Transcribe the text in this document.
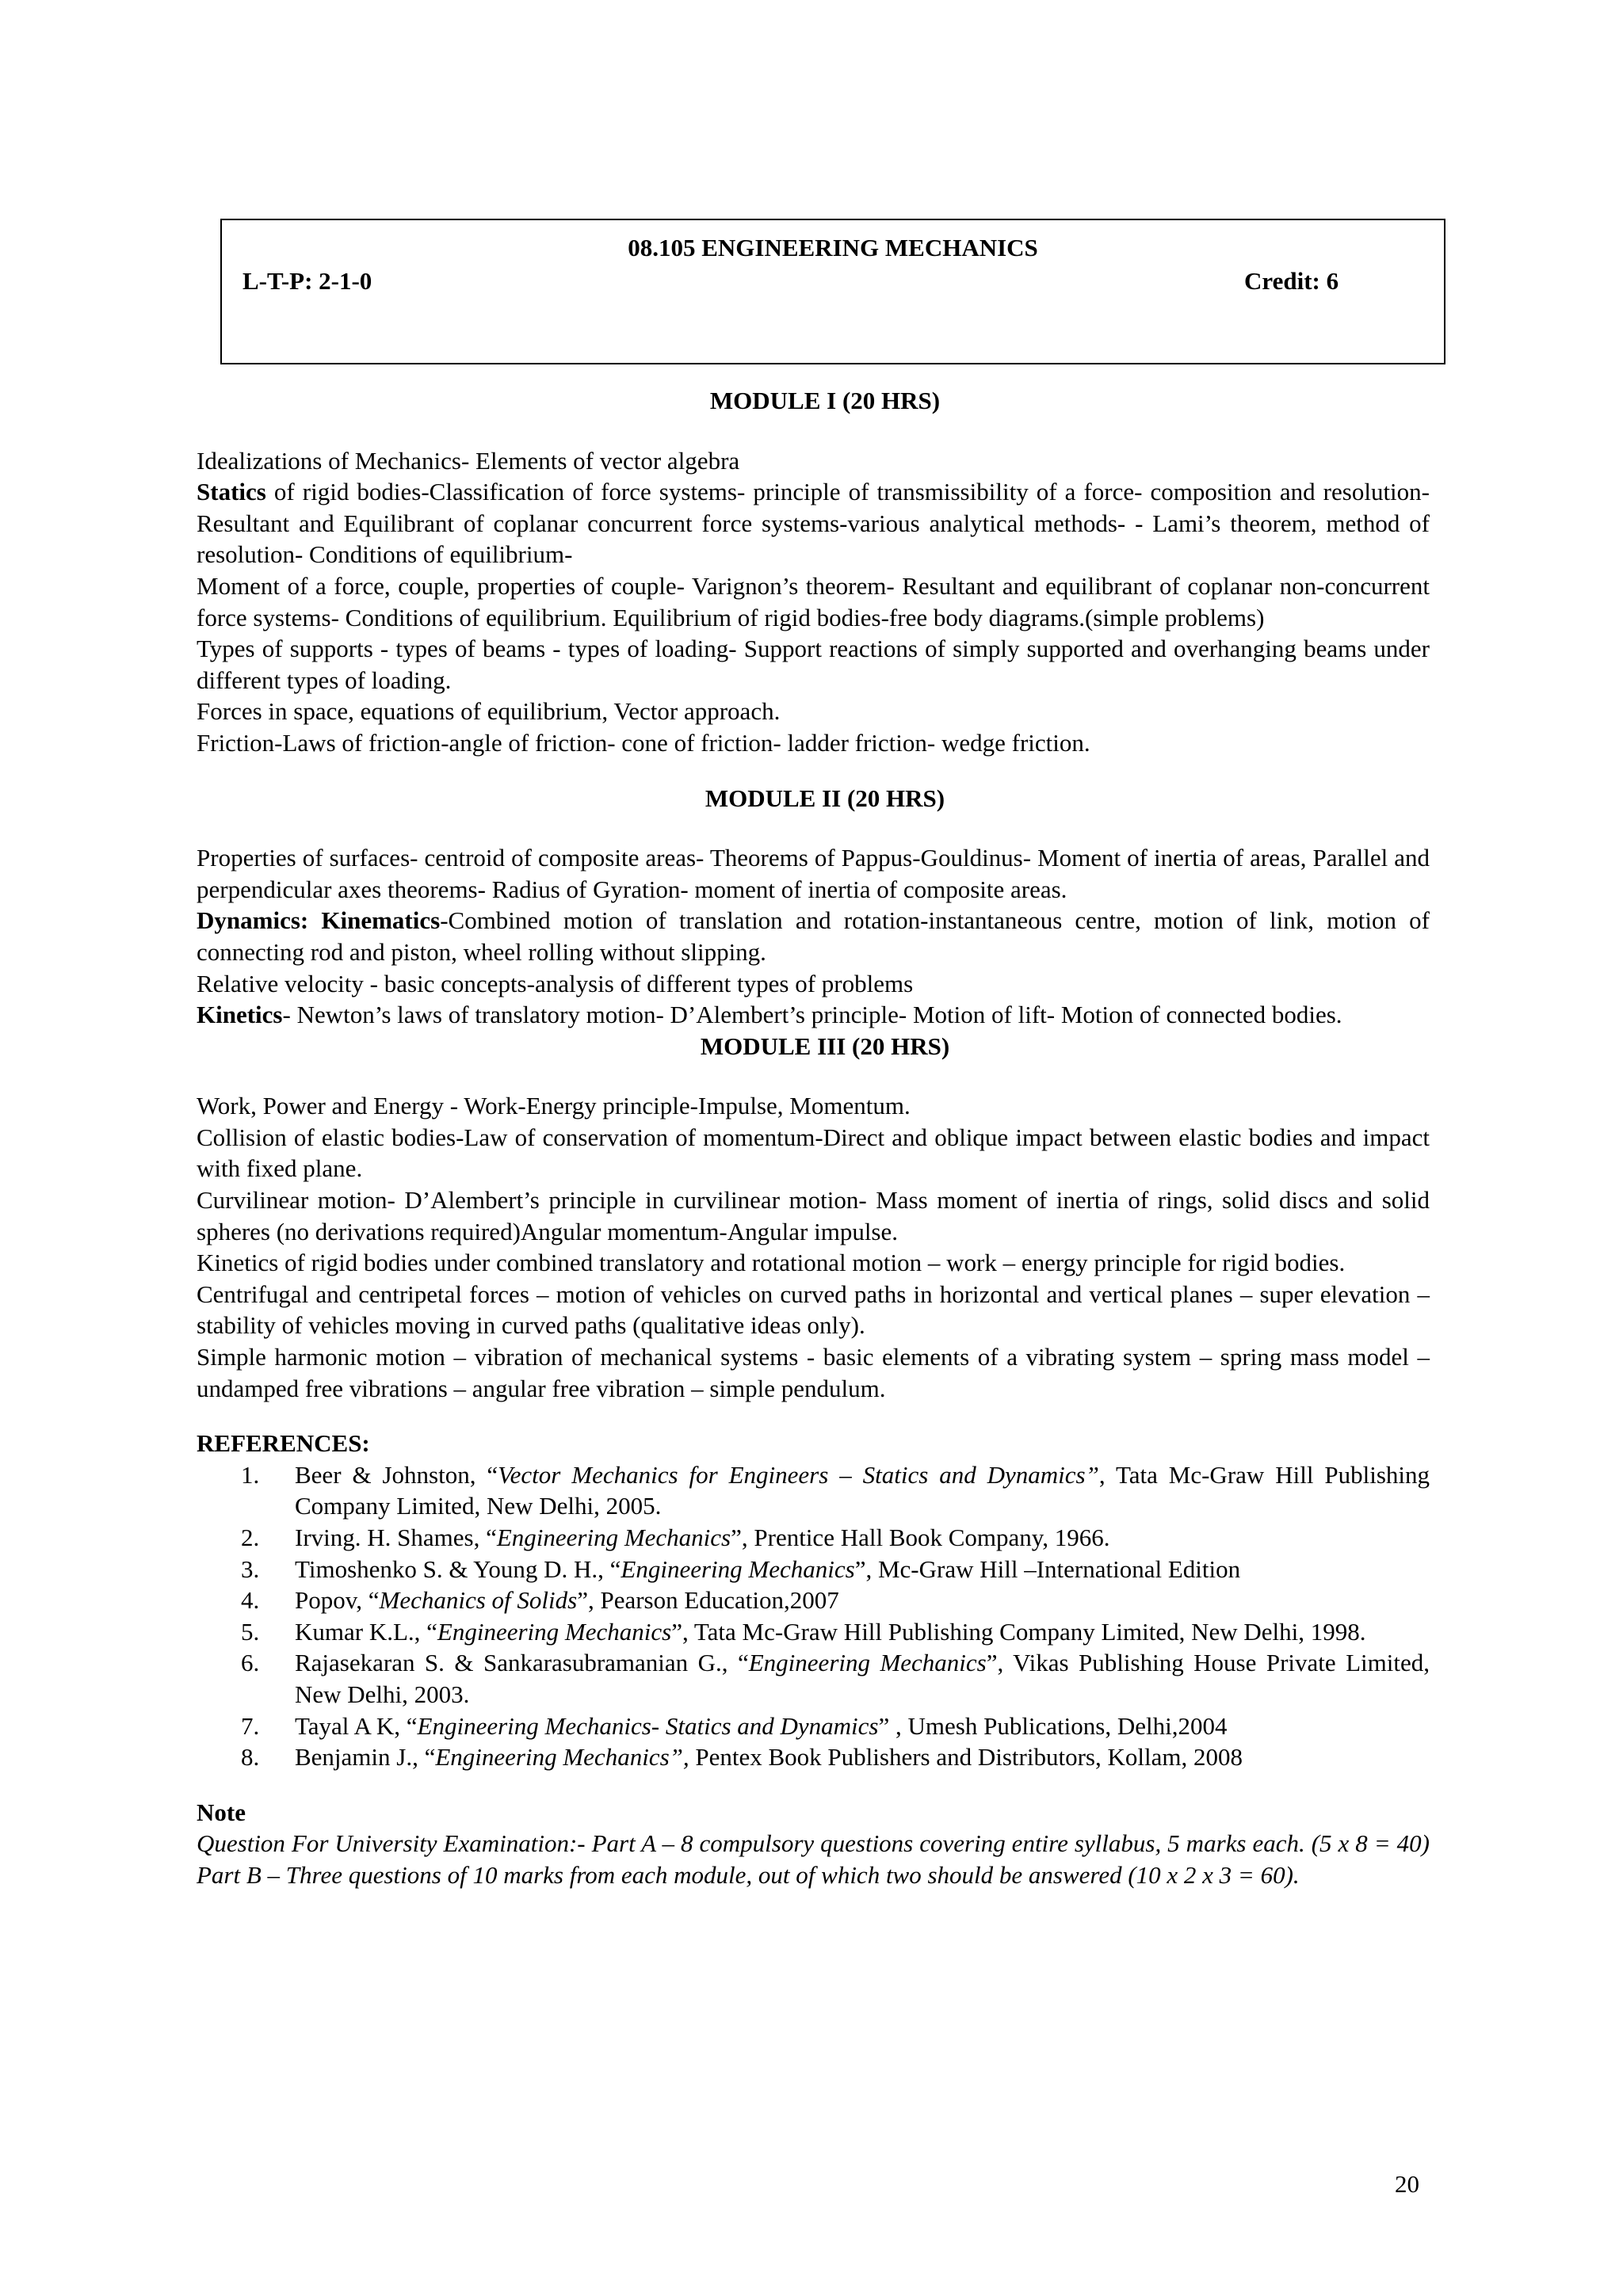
08.105 ENGINEERING MECHANICS
L-T-P: 2-1-0	Credit: 6

MODULE I (20 HRS)

Idealizations of Mechanics- Elements of vector algebra

Statics of rigid bodies-Classification of force systems- principle of transmissibility of a force- composition and resolution- Resultant and Equilibrant of coplanar concurrent force systems-various analytical methods- - Lami’s theorem, method of resolution- Conditions of equilibrium-

Moment of a force, couple, properties of couple- Varignon’s theorem- Resultant and equilibrant of coplanar non-concurrent force systems- Conditions of equilibrium. Equilibrium of rigid bodies-free body diagrams.(simple problems)

Types of supports - types of beams - types of loading- Support reactions of simply supported and overhanging beams under different types of loading.

Forces in space, equations of equilibrium, Vector approach.

Friction-Laws of friction-angle of friction- cone of friction- ladder friction- wedge friction.

MODULE II (20 HRS)

Properties of surfaces- centroid of composite areas- Theorems of Pappus-Gouldinus- Moment of inertia of areas, Parallel and perpendicular axes theorems- Radius of Gyration- moment of inertia of composite areas.

Dynamics: Kinematics-Combined motion of translation and rotation-instantaneous centre, motion of link, motion of connecting rod and piston, wheel rolling without slipping.

Relative velocity - basic concepts-analysis of different types of problems

Kinetics- Newton’s laws of translatory motion- D’Alembert’s principle- Motion of lift- Motion of connected bodies.

MODULE III (20 HRS)

Work, Power and Energy - Work-Energy principle-Impulse, Momentum.

Collision of elastic bodies-Law of conservation of momentum-Direct and oblique impact between elastic bodies and impact with fixed plane.

Curvilinear motion- D’Alembert’s principle in curvilinear motion- Mass moment of inertia of rings, solid discs and solid spheres (no derivations required)Angular momentum-Angular impulse.

Kinetics of rigid bodies under combined translatory and rotational motion – work – energy principle for rigid bodies.

Centrifugal and centripetal forces – motion of vehicles on curved paths in horizontal and vertical planes – super elevation – stability of vehicles moving in curved paths (qualitative ideas only).

Simple harmonic motion – vibration of mechanical systems - basic elements of a vibrating system – spring mass model – undamped free vibrations – angular free vibration – simple pendulum.

REFERENCES:

1. Beer & Johnston, “Vector Mechanics for Engineers – Statics and Dynamics”, Tata Mc-Graw Hill Publishing Company Limited, New Delhi, 2005.
2. Irving. H. Shames, “Engineering Mechanics”, Prentice Hall Book Company, 1966.
3. Timoshenko S. & Young D. H., “Engineering Mechanics”, Mc-Graw Hill –International Edition
4. Popov, “Mechanics of Solids”, Pearson Education,2007
5. Kumar K.L., “Engineering Mechanics”, Tata Mc-Graw Hill Publishing Company Limited, New Delhi, 1998.
6. Rajasekaran S. & Sankarasubramanian G., “Engineering Mechanics”, Vikas Publishing House Private Limited, New Delhi, 2003.
7. Tayal A K, “Engineering Mechanics- Statics and Dynamics” , Umesh Publications, Delhi,2004
8. Benjamin J., “Engineering Mechanics”, Pentex Book Publishers and Distributors, Kollam, 2008

Note

Question For University Examination:- Part A – 8 compulsory questions covering entire syllabus, 5 marks each. (5 x 8 = 40) Part B – Three questions of 10 marks from each module, out of which two should be answered (10 x 2 x 3 = 60).

20
